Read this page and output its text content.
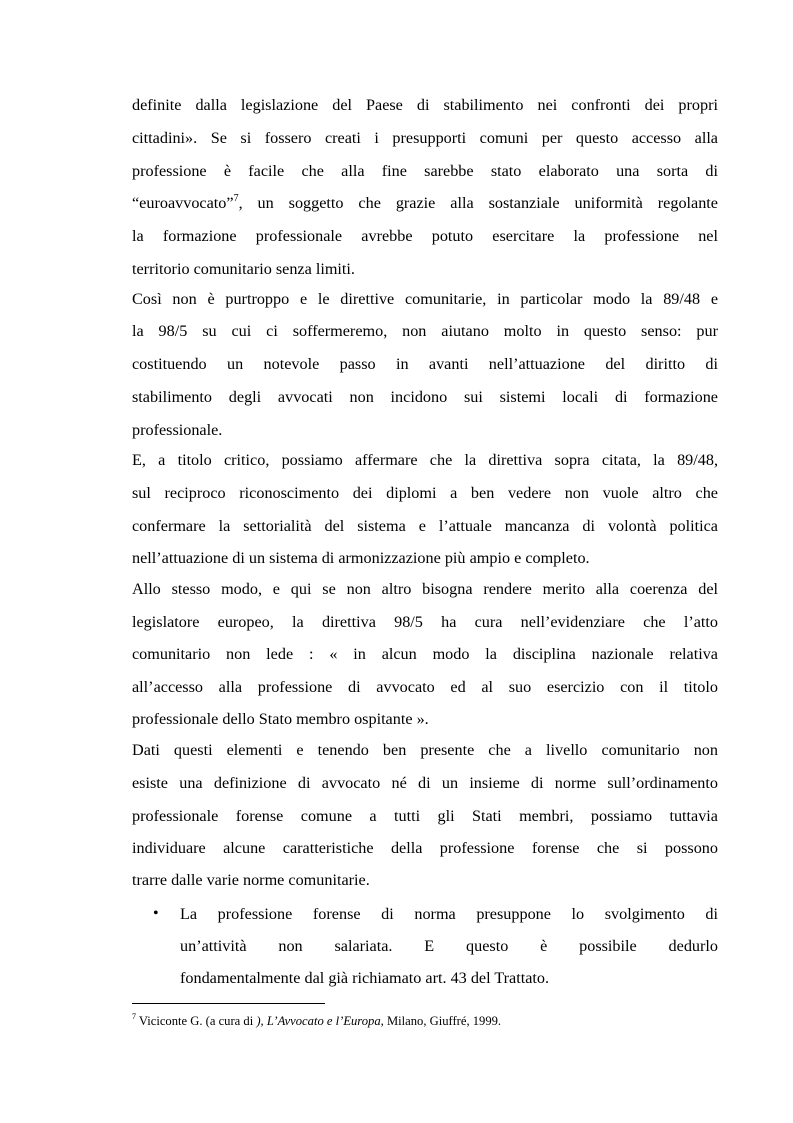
definite dalla legislazione del Paese di stabilimento nei confronti dei propri
cittadini». Se si fossero creati i presupporti comuni per questo accesso alla
professione è facile che alla fine sarebbe stato elaborato una sorta di
“euroavvocato”$^7$, un soggetto che grazie alla sostanziale uniformità regolante
la formazione professionale avrebbe potuto esercitare la professione nel
territorio comunitario senza limiti.
Così non è purtroppo e le direttive comunitarie, in particolar modo la 89/48 e
la 98/5 su cui ci soffermeremo, non aiutano molto in questo senso: pur
costituendo un notevole passo in avanti nell’attuazione del diritto di
stabilimento degli avvocati non incidono sui sistemi locali di formazione
professionale.
E, a titolo critico, possiamo affermare che la direttiva sopra citata, la 89/48,
sul reciproco riconoscimento dei diplomi a ben vedere non vuole altro che
confermare la settorialità del sistema e l’attuale mancanza di volontà politica
nell’attuazione di un sistema di armonizzazione più ampio e completo.
Allo stesso modo, e qui se non altro bisogna rendere merito alla coerenza del
legislatore europeo, la direttiva 98/5 ha cura nell’evidenziare che l’atto
comunitario non lede : « in alcun modo la disciplina nazionale relativa
all’accesso alla professione di avvocato ed al suo esercizio con il titolo
professionale dello Stato membro ospitante ».
Dati questi elementi e tenendo ben presente che a livello comunitario non
esiste una definizione di avvocato né di un insieme di norme sull’ordinamento
professionale forense comune a tutti gli Stati membri, possiamo tuttavia
individuare alcune caratteristiche della professione forense che si possono
trarre dalle varie norme comunitarie.
• La professione forense di norma presuppone lo svolgimento di
un’attività non salariata. E questo è possibile dedurlo
fondamentalmente dal già richiamato art. 43 del Trattato.
$^7$ Viciconte G. (a cura di ), L’Avvocato e l’Europa, Milano, Giuffré, 1999.
